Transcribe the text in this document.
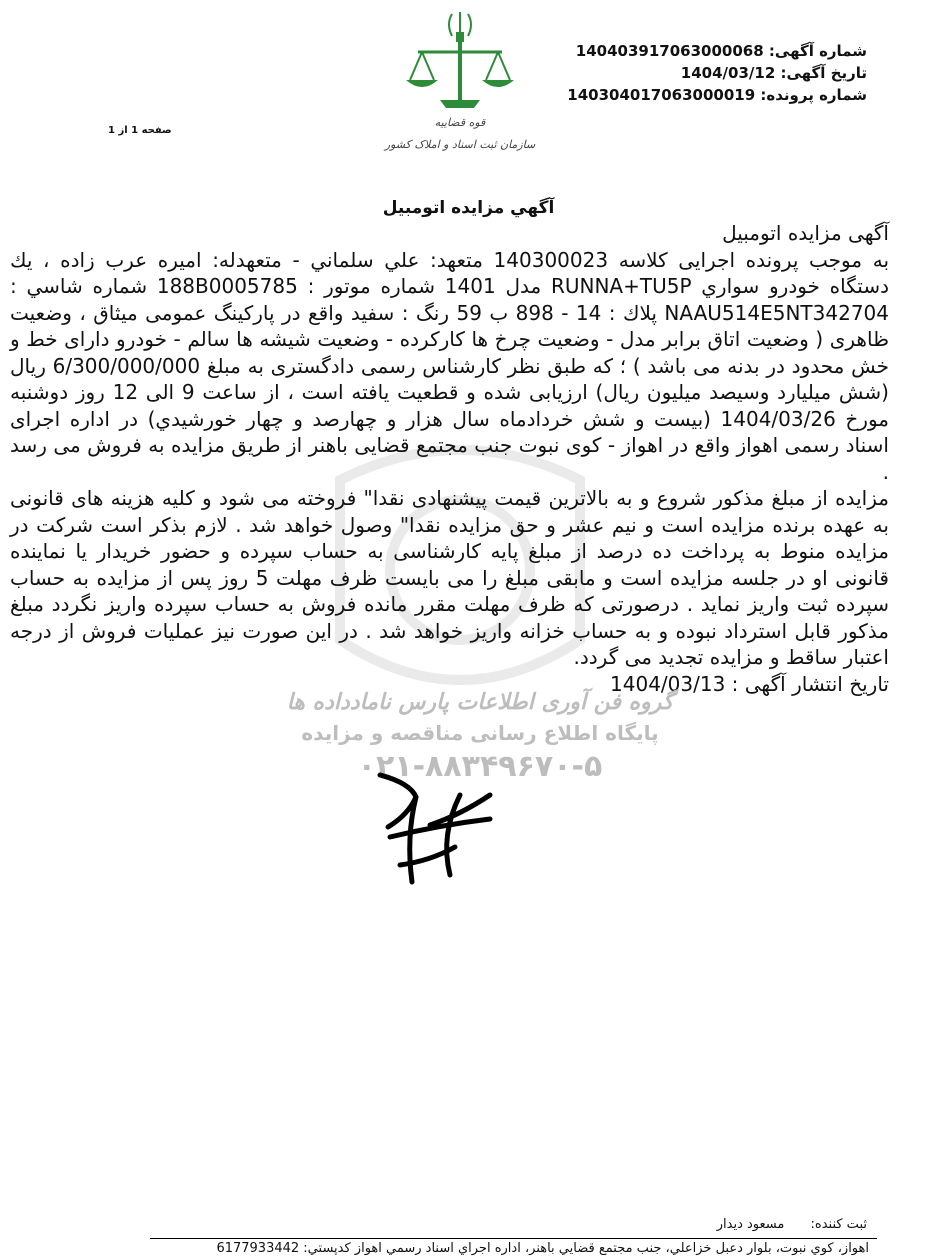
شماره آگهی: 140403917063000068
تاریخ آگهی: 1404/03/12
شماره پرونده: 140304017063000019
صفحه 1 از 1
قوه قضاییه
سازمان ثبت اسناد و املاک کشور
آگهي مزايده اتومبيل

آگهی مزایده اتومبیل

به موجب پرونده اجرایی کلاسه 140300023 متعهد: علي سلماني - متعهدله: امیره عرب زاده ، یك دستگاه خودرو سواري RUNNA+TU5P مدل 1401 شماره موتور : 188B0005785 شماره شاسي : NAAU514E5NT342704 پلاك : 14 - 898 ب 59 رنگ : سفید واقع در پارکینگ عمومی میثاق ، وضعیت ظاهری ( وضعیت اتاق برابر مدل - وضعیت چرخ ها کارکرده - وضعیت شیشه ها سالم - خودرو دارای خط و خش محدود در بدنه می باشد ) ؛ که طبق نظر کارشناس رسمی دادگستری به مبلغ 6/300/000/000 ریال (شش میلیارد وسیصد میلیون ریال) ارزیابی شده و قطعیت یافته است ، از ساعت 9 الی 12 روز دوشنبه مورخ 1404/03/26 (بیست و شش خردادماه سال هزار و چهارصد و چهار خورشیدي) در اداره اجرای اسناد رسمی اهواز واقع در اهواز - کوی نبوت جنب مجتمع قضایی باهنر از طریق مزایده به فروش می رسد .

مزایده از مبلغ مذکور شروع و به بالاترین قیمت پیشنهادی نقدا" فروخته می شود و کلیه هزینه های قانونی به عهده برنده مزایده است و نیم عشر و حق مزایده نقدا" وصول خواهد شد . لازم بذکر است شرکت در مزایده منوط به پرداخت ده درصد از مبلغ پایه کارشناسی به حساب سپرده و حضور خریدار یا نماینده قانونی او در جلسه مزایده است و مابقی مبلغ را می بایست ظرف مهلت 5 روز پس از مزایده به حساب سپرده ثبت واریز نماید . درصورتی که ظرف مهلت مقرر مانده فروش به حساب سپرده واریز نگردد مبلغ مذکور قابل استرداد نبوده و به حساب خزانه واریز خواهد شد . در این صورت نیز عملیات فروش از درجه اعتبار ساقط و مزایده تجدید می گردد.

تاریخ انتشار آگهی : 1404/03/13

گروه فن آوری اطلاعات پارس نامادداده ها
پایگاه اطلاع رسانی مناقصه و مزایده
۰۲۱-۸۸۳۴۹۶۷۰-۵
ثبت کننده: مسعود دیدار
اهواز، كوي نبوت، بلوار دعبل خزاعلي، جنب مجتمع قضايي باهنر، اداره اجراي اسناد رسمي اهواز كدپستي: 6177933442
